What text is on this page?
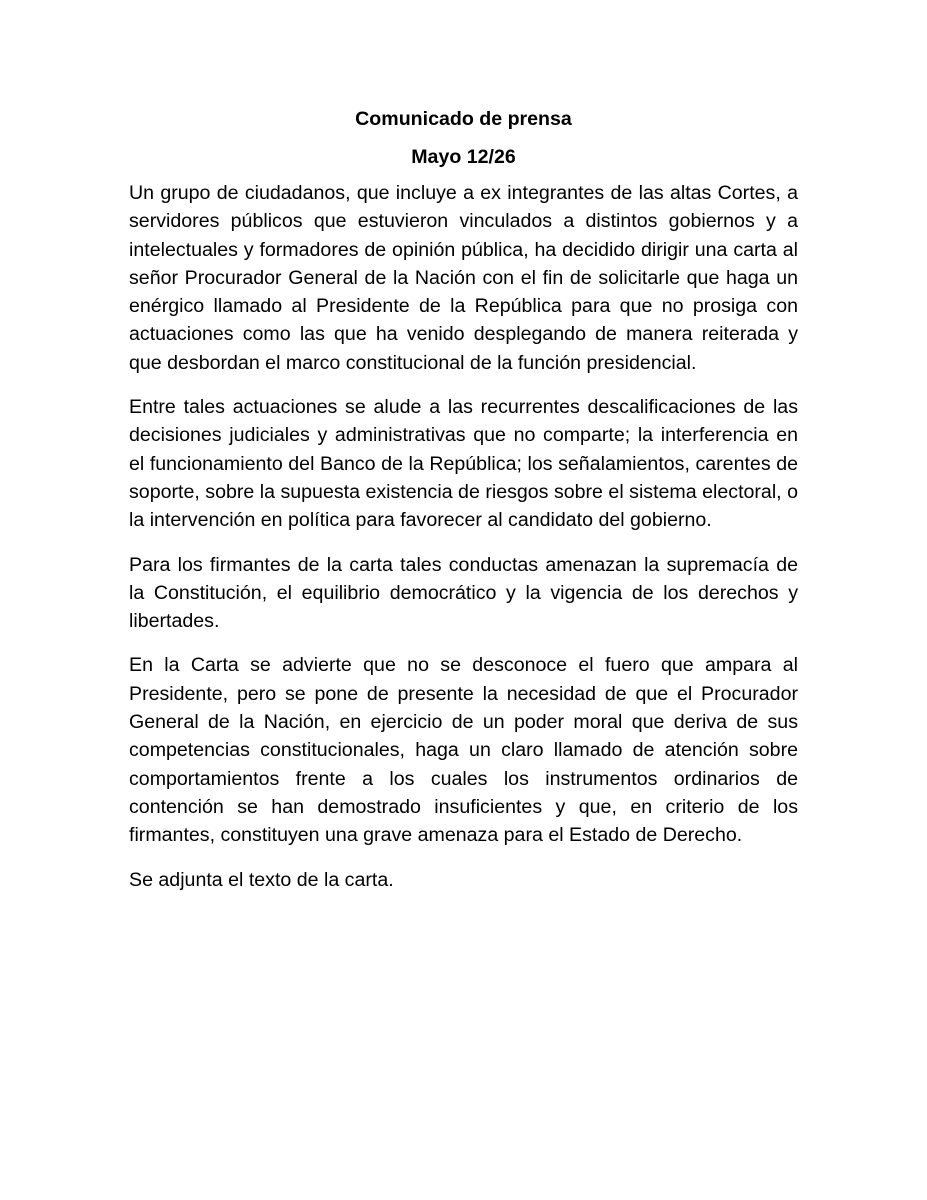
Comunicado de prensa

Mayo 12/26

Un grupo de ciudadanos, que incluye a ex integrantes de las altas Cortes, a servidores públicos que estuvieron vinculados a distintos gobiernos y a intelectuales y formadores de opinión pública, ha decidido dirigir una carta al señor Procurador General de la Nación con el fin de solicitarle que haga un enérgico llamado al Presidente de la República para que no prosiga con actuaciones como las que ha venido desplegando de manera reiterada y que desbordan el marco constitucional de la función presidencial.

Entre tales actuaciones se alude a las recurrentes descalificaciones de las decisiones judiciales y administrativas que no comparte; la interferencia en el funcionamiento del Banco de la República; los señalamientos, carentes de soporte, sobre la supuesta existencia de riesgos sobre el sistema electoral, o la intervención en política para favorecer al candidato del gobierno.

Para los firmantes de la carta tales conductas amenazan la supremacía de la Constitución, el equilibrio democrático y la vigencia de los derechos y libertades.

En la Carta se advierte que no se desconoce el fuero que ampara al Presidente, pero se pone de presente la necesidad de que el Procurador General de la Nación, en ejercicio de un poder moral que deriva de sus competencias constitucionales, haga un claro llamado de atención sobre comportamientos frente a los cuales los instrumentos ordinarios de contención se han demostrado insuficientes y que, en criterio de los firmantes, constituyen una grave amenaza para el Estado de Derecho.

Se adjunta el texto de la carta.
